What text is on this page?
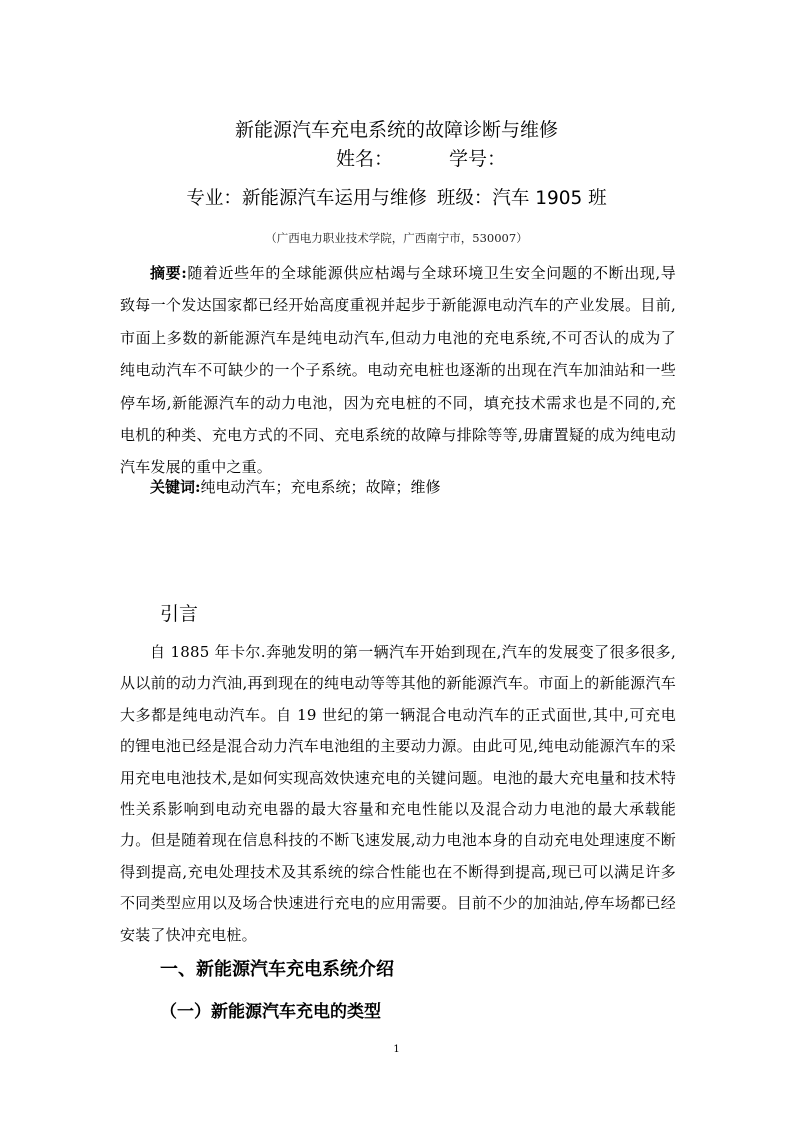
新能源汽车充电系统的故障诊断与维修
姓名：	学号：
专业：新能源汽车运用与维修 班级：汽车 1905 班
（广西电力职业技术学院，广西南宁市，530007）

摘要:随着近些年的全球能源供应枯竭与全球环境卫生安全问题的不断出现,导致每一个发达国家都已经开始高度重视并起步于新能源电动汽车的产业发展。目前,市面上多数的新能源汽车是纯电动汽车,但动力电池的充电系统,不可否认的成为了纯电动汽车不可缺少的一个子系统。电动充电桩也逐渐的出现在汽车加油站和一些停车场,新能源汽车的动力电池，因为充电桩的不同，填充技术需求也是不同的,充电机的种类、充电方式的不同、充电系统的故障与排除等等,毋庸置疑的成为纯电动汽车发展的重中之重。

关键词:纯电动汽车；充电系统；故障；维修

引言

自 1885 年卡尔.奔驰发明的第一辆汽车开始到现在,汽车的发展变了很多很多,从以前的动力汽油,再到现在的纯电动等等其他的新能源汽车。市面上的新能源汽车大多都是纯电动汽车。自 19 世纪的第一辆混合电动汽车的正式面世,其中,可充电的锂电池已经是混合动力汽车电池组的主要动力源。由此可见,纯电动能源汽车的采用充电电池技术,是如何实现高效快速充电的关键问题。电池的最大充电量和技术特性关系影响到电动充电器的最大容量和充电性能以及混合动力电池的最大承载能力。但是随着现在信息科技的不断飞速发展,动力电池本身的自动充电处理速度不断得到提高,充电处理技术及其系统的综合性能也在不断得到提高,现已可以满足许多不同类型应用以及场合快速进行充电的应用需要。目前不少的加油站,停车场都已经安装了快冲充电桩。

一、新能源汽车充电系统介绍
（一）新能源汽车充电的类型
1
